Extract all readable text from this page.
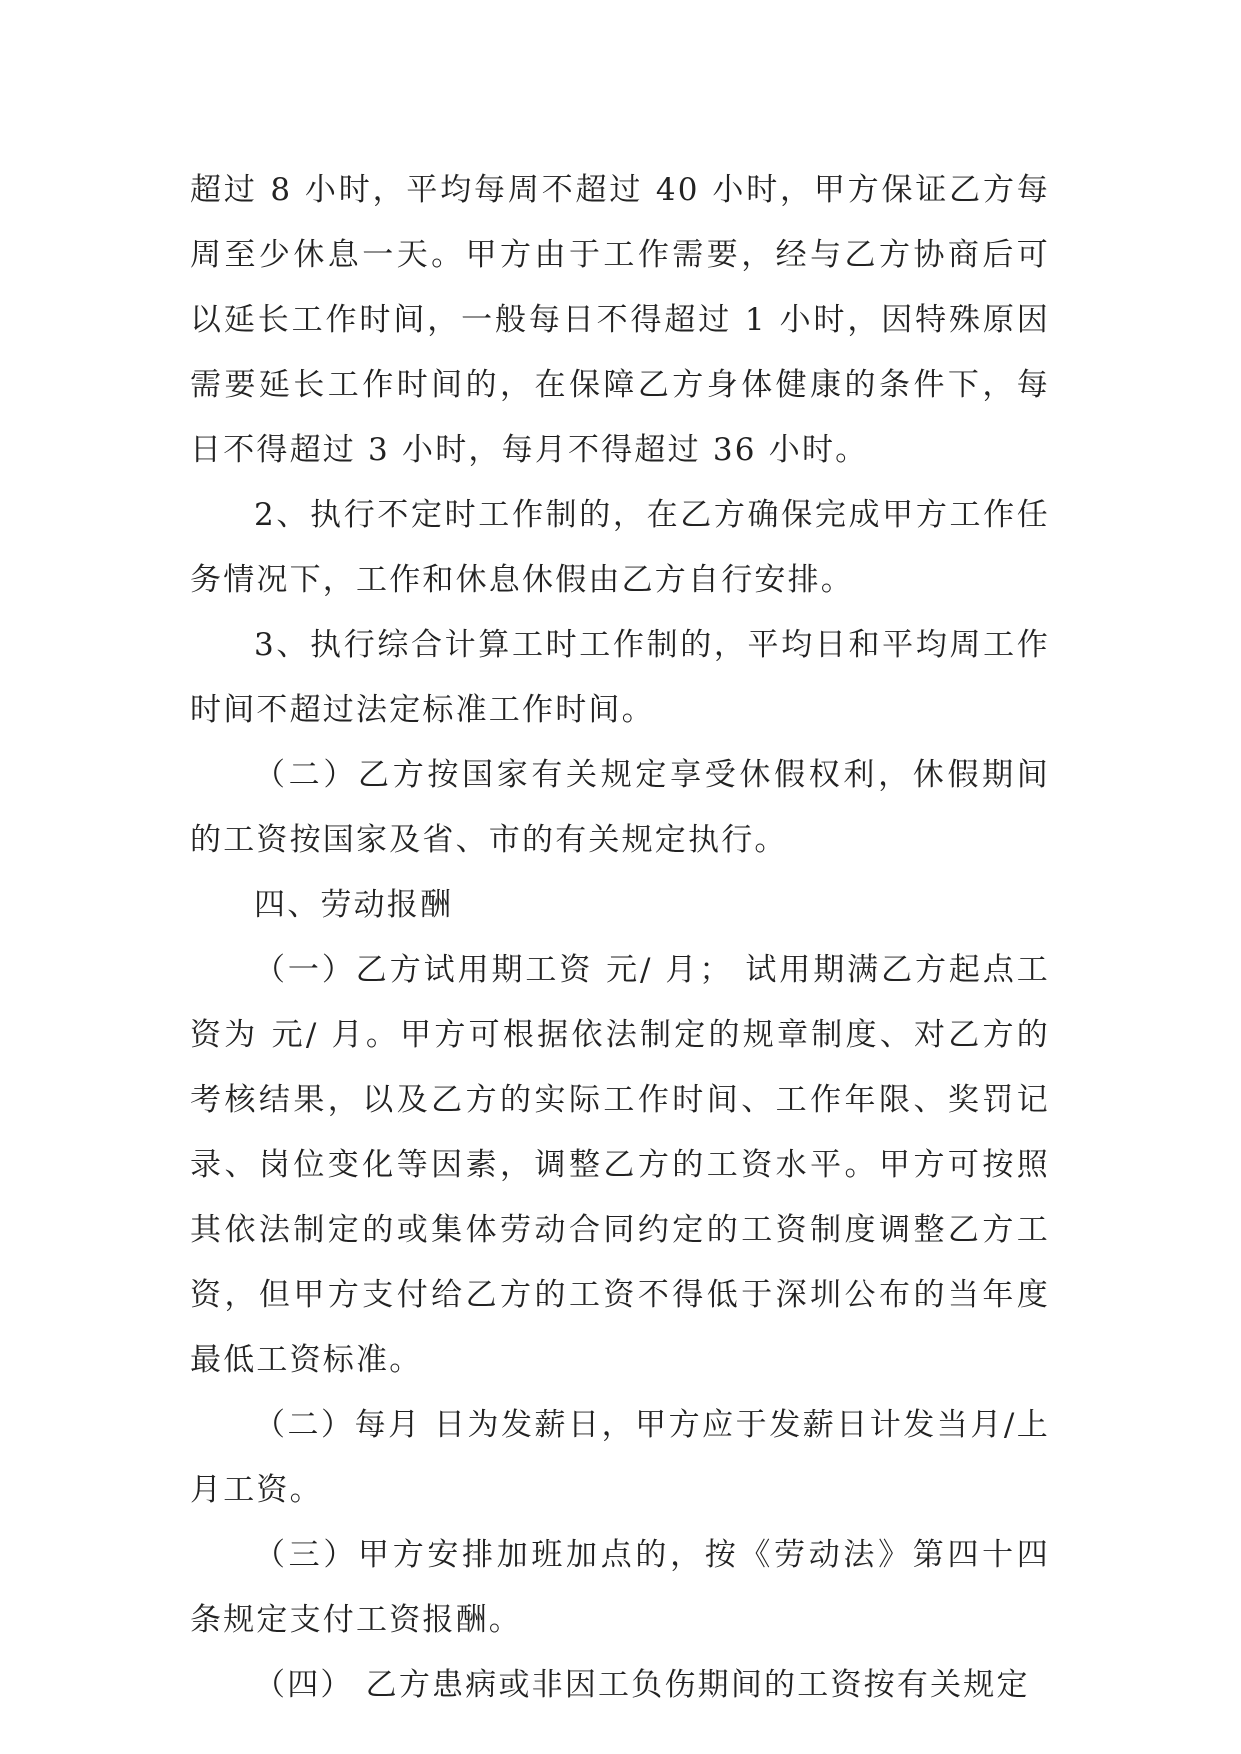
超过 8 小时，平均每周不超过 40 小时，甲方保证乙方每周至少休息一天。甲方由于工作需要，经与乙方协商后可以延长工作时间，一般每日不得超过 1 小时，因特殊原因需要延长工作时间的，在保障乙方身体健康的条件下，每日不得超过 3 小时，每月不得超过 36 小时。

2、执行不定时工作制的，在乙方确保完成甲方工作任务情况下，工作和休息休假由乙方自行安排。

3、执行综合计算工时工作制的，平均日和平均周工作时间不超过法定标准工作时间。

（二）乙方按国家有关规定享受休假权利，休假期间的工资按国家及省、市的有关规定执行。

四、劳动报酬

（一）乙方试用期工资 元/ 月； 试用期满乙方起点工资为 元/ 月。甲方可根据依法制定的规章制度、对乙方的考核结果，以及乙方的实际工作时间、工作年限、奖罚记录、岗位变化等因素，调整乙方的工资水平。甲方可按照其依法制定的或集体劳动合同约定的工资制度调整乙方工资，但甲方支付给乙方的工资不得低于深圳公布的当年度最低工资标准。

（二）每月 日为发薪日，甲方应于发薪日计发当月/上月工资。

（三）甲方安排加班加点的，按《劳动法》第四十四条规定支付工资报酬。

（四） 乙方患病或非因工负伤期间的工资按有关规定
